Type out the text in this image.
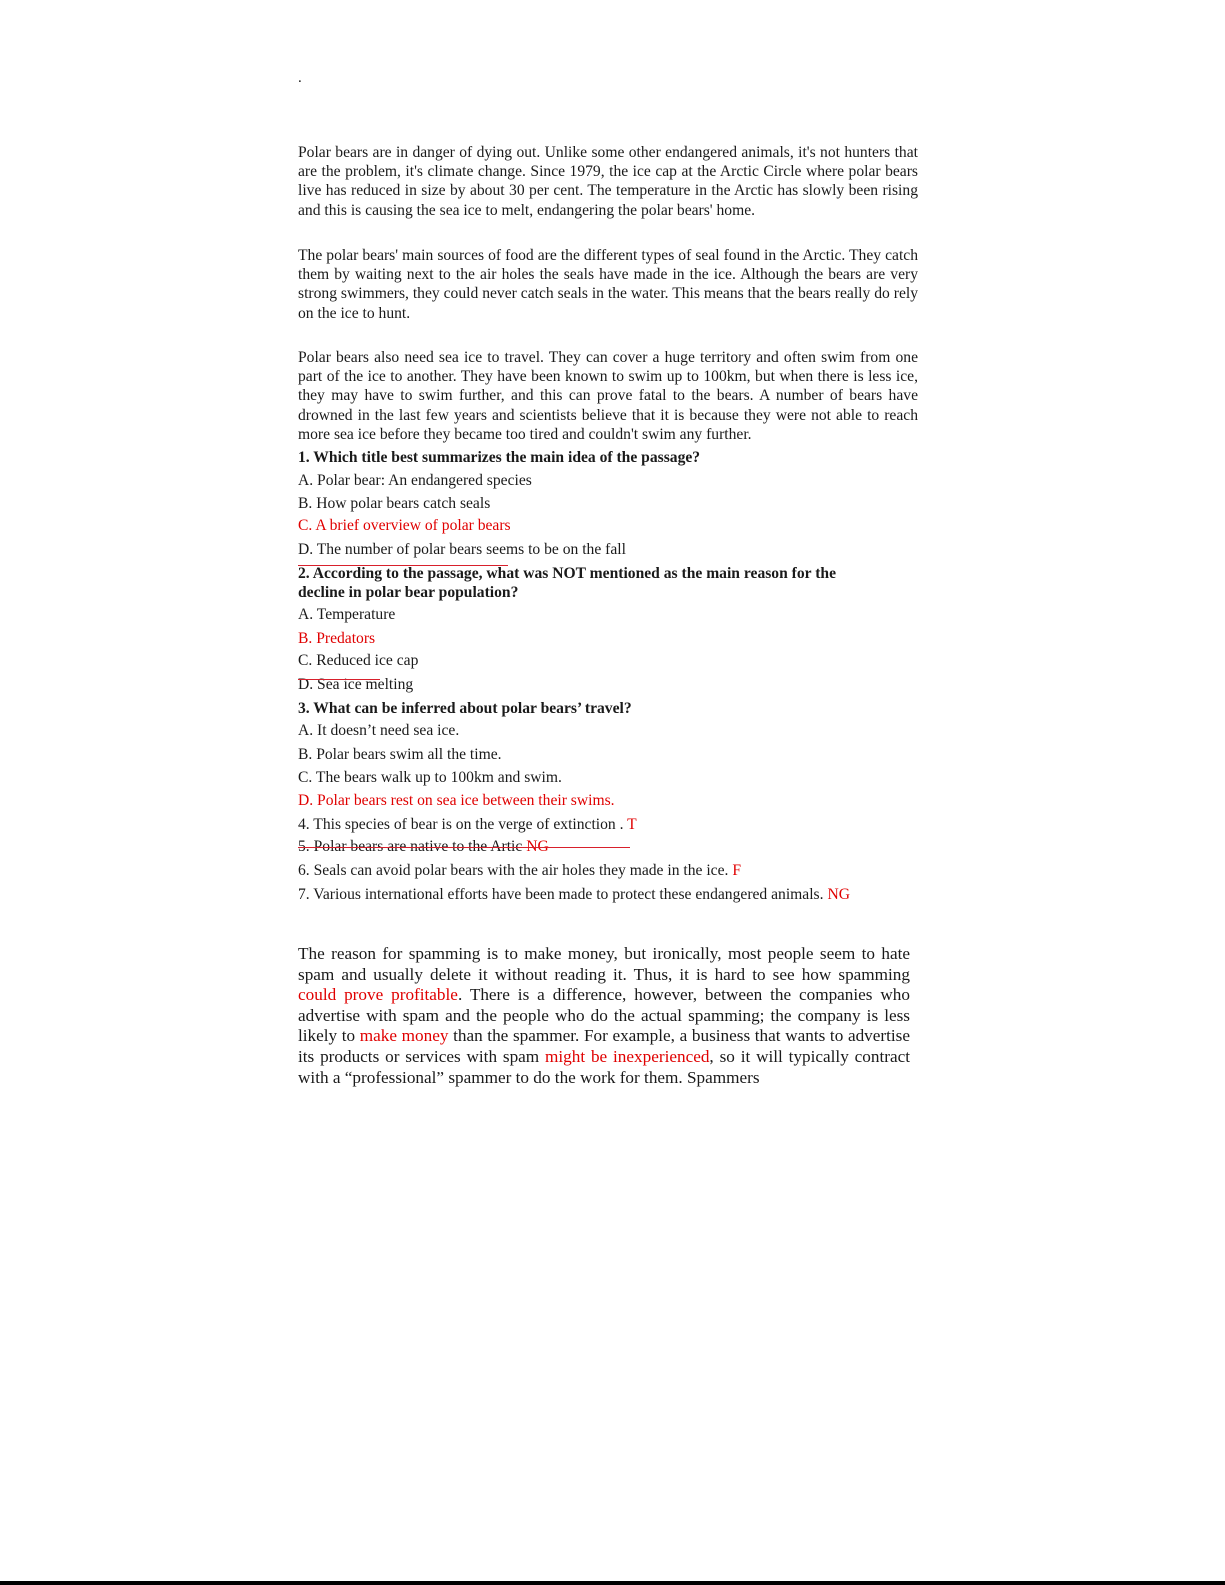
.

Polar bears are in danger of dying out. Unlike some other endangered animals, it's not hunters that are the problem, it's climate change. Since 1979, the ice cap at the Arctic Circle where polar bears live has reduced in size by about 30 per cent. The temperature in the Arctic has slowly been rising and this is causing the sea ice to melt, endangering the polar bears' home.

The polar bears' main sources of food are the different types of seal found in the Arctic. They catch them by waiting next to the air holes the seals have made in the ice. Although the bears are very strong swimmers, they could never catch seals in the water. This means that the bears really do rely on the ice to hunt.

Polar bears also need sea ice to travel. They can cover a huge territory and often swim from one part of the ice to another. They have been known to swim up to 100km, but when there is less ice, they may have to swim further, and this can prove fatal to the bears. A number of bears have drowned in the last few years and scientists believe that it is because they were not able to reach more sea ice before they became too tired and couldn't swim any further.

1. Which title best summarizes the main idea of the passage?
A. Polar bear: An endangered species
B. How polar bears catch seals
C. A brief overview of polar bears
D. The number of polar bears seems to be on the fall
2. According to the passage, what was NOT mentioned as the main reason for the
decline in polar bear population?
A. Temperature
B. Predators
C. Reduced ice cap
D. Sea ice melting
3. What can be inferred about polar bears’ travel?
A. It doesn’t need sea ice.
B. Polar bears swim all the time.
C. The bears walk up to 100km and swim.
D. Polar bears rest on sea ice between their swims.
4. This species of bear is on the verge of extinction . T
5. Polar bears are native to the Artic NG
6. Seals can avoid polar bears with the air holes they made in the ice. F
7. Various international efforts have been made to protect these endangered animals. NG

The reason for spamming is to make money, but ironically, most people seem to hate spam and usually delete it without reading it. Thus, it is hard to see how spamming could prove profitable. There is a difference, however, between the companies who advertise with spam and the people who do the actual spamming; the company is less likely to make money than the spammer. For example, a business that wants to advertise its products or services with spam might be inexperienced, so it will typically contract with a “professional” spammer to do the work for them. Spammers
